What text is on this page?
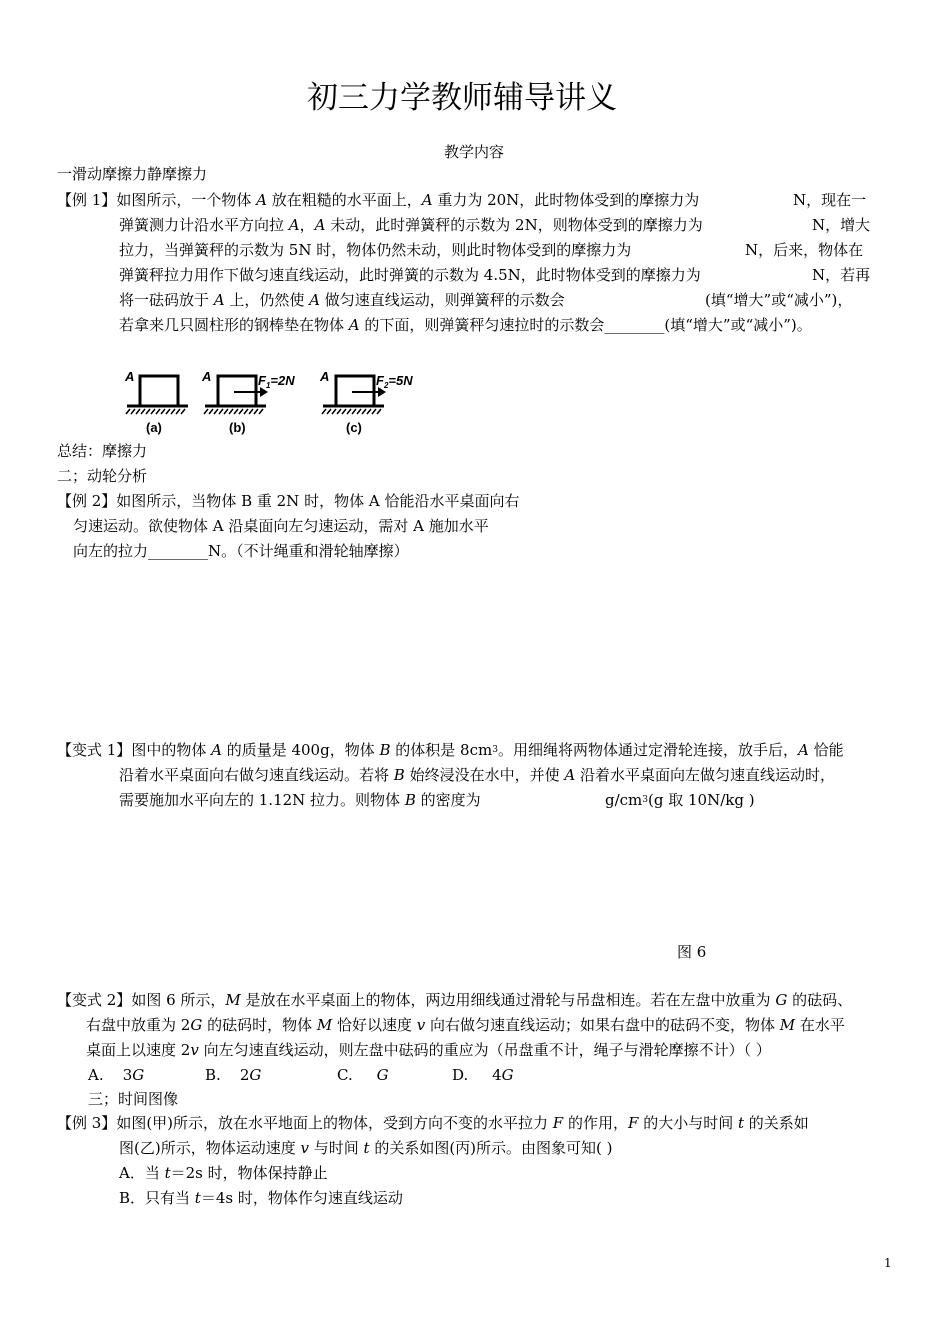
初三力学教师辅导讲义
教学内容
一滑动摩擦力静摩擦力
【例 1】如图所示，一个物体 A 放在粗糙的水平面上，A 重力为 20N，此时物体受到的摩擦力为	N，现在一
弹簧测力计沿水平方向拉 A，A 未动，此时弹簧秤的示数为 2N，则物体受到的摩擦力为	N，增大
拉力，当弹簧秤的示数为 5N 时，物体仍然未动，则此时物体受到的摩擦力为	N，后来，物体在
弹簧秤拉力用作下做匀速直线运动，此时弹簧的示数为 4.5N，此时物体受到的摩擦力为	N，若再
将一砝码放于 A 上，仍然使 A 做匀速直线运动，则弹簧秤的示数会	(填“增大”或“减小”)，
若拿来几只圆柱形的钢棒垫在物体 A 的下面，则弹簧秤匀速拉时的示数会________(填“增大”或“减小”)。
A	A	A
$F_1=2N$	$F_2=5N$
(a)	(b)	(c)
总结：摩擦力
二；动轮分析
【例 2】如图所示，当物体 B 重 2N 时，物体 A 恰能沿水平桌面向右
匀速运动。欲使物体 A 沿桌面向左匀速运动，需对 A 施加水平
向左的拉力________N。（不计绳重和滑轮轴摩擦）
【变式 1】图中的物体 A 的质量是 400g，物体 B 的体积是 $8cm^3$。用细绳将两物体通过定滑轮连接，放手后，A 恰能
沿着水平桌面向右做匀速直线运动。若将 B 始终浸没在水中，并使 A 沿着水平桌面向左做匀速直线运动时，
需要施加水平向左的 1.12N 拉力。则物体 B 的密度为	$g/cm^3(g$ 取 10N/kg )
图 6
【变式 2】如图 6 所示，M 是放在水平桌面上的物体，两边用细线通过滑轮与吊盘相连。若在左盘中放重为 G 的砝码、
右盘中放重为 2G 的砝码时，物体 M 恰好以速度 v 向右做匀速直线运动；如果右盘中的砝码不变，物体 M 在水平
桌面上以速度 2v 向左匀速直线运动，则左盘中砝码的重应为（吊盘重不计，绳子与滑轮摩擦不计）（ ）
A. 3G	B. 2G	C. G	D. 4G
三；时间图像
【例 3】如图(甲)所示，放在水平地面上的物体，受到方向不变的水平拉力 F 的作用，F 的大小与时间 t 的关系如
图(乙)所示，物体运动速度 v 与时间 t 的关系如图(丙)所示。由图象可知( )
A．当 t＝2s 时，物体保持静止
B．只有当 t＝4s 时，物体作匀速直线运动
1
